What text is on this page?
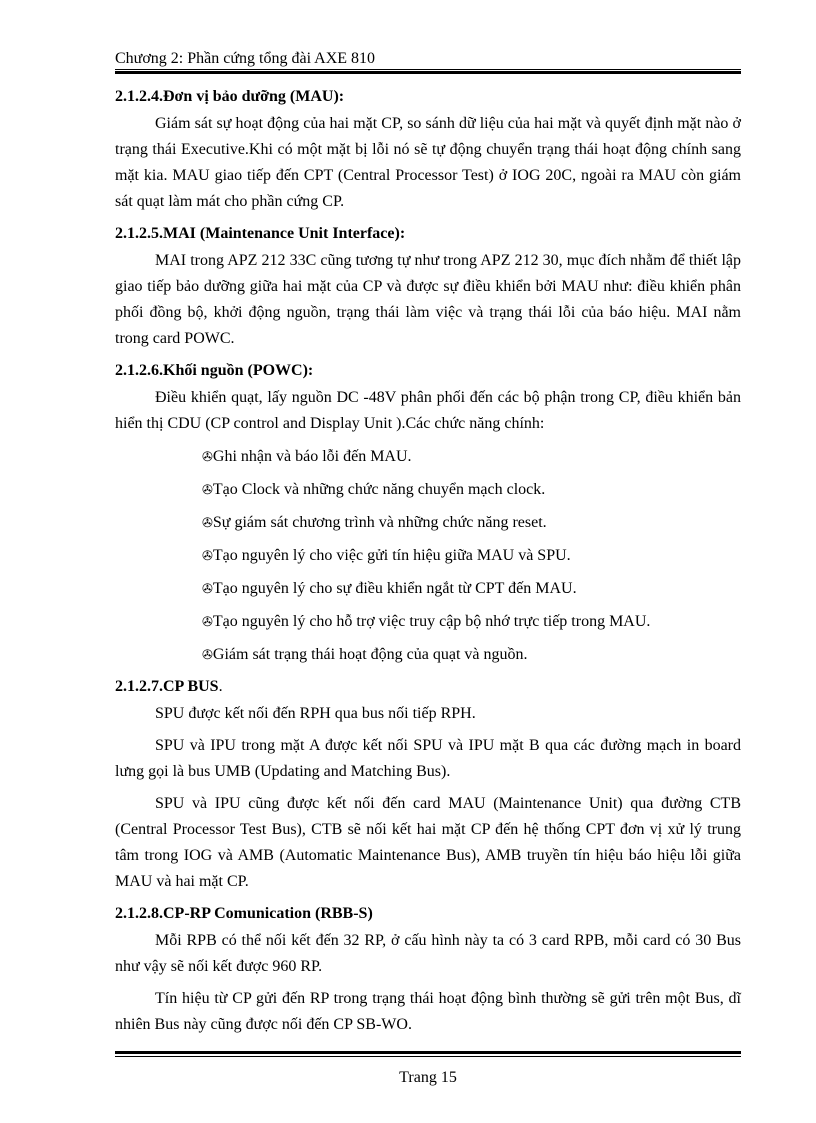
Chương 2: Phần cứng tổng đài AXE 810
2.1.2.4.Đơn vị bảo dưỡng (MAU):
Giám sát sự hoạt động của hai mặt CP, so sánh dữ liệu của hai mặt và quyết định mặt nào ở trạng thái Executive.Khi có một mặt bị lỗi nó sẽ tự động chuyển trạng thái hoạt động chính sang mặt kia. MAU giao tiếp đến CPT (Central Processor Test) ở IOG 20C, ngoài ra MAU còn giám sát quạt làm mát cho phần cứng CP.
2.1.2.5.MAI (Maintenance Unit Interface):
MAI trong APZ 212 33C cũng tương tự như trong APZ 212 30, mục đích nhằm để thiết lập giao tiếp bảo dưỡng giữa hai mặt của CP và được sự điều khiển bởi MAU như: điều khiển phân phối đồng bộ, khởi động nguồn, trạng thái làm việc và trạng thái lỗi của báo hiệu. MAI nằm trong card POWC.
2.1.2.6.Khối nguồn (POWC):
Điều khiển quạt, lấy nguồn DC -48V phân phối đến các bộ phận trong CP, điều khiển bản hiển thị CDU (CP control and Display Unit ).Các chức năng chính:
✇Ghi nhận và báo lỗi đến MAU.
✇Tạo Clock và những chức năng chuyển mạch clock.
✇Sự giám sát chương trình và những chức năng reset.
✇Tạo nguyên lý cho việc gửi tín hiệu giữa MAU và SPU.
✇Tạo nguyên lý cho sự điều khiển ngắt từ CPT đến MAU.
✇Tạo nguyên lý cho hỗ trợ việc truy cập bộ nhớ trực tiếp trong MAU.
✇Giám sát trạng thái hoạt động của quạt và nguồn.
2.1.2.7.CP BUS.
SPU được kết nối đến RPH qua bus nối tiếp RPH.
SPU và IPU trong mặt A được kết nối SPU và IPU mặt B qua các đường mạch in board lưng gọi là bus UMB (Updating and Matching Bus).
SPU và IPU cũng được kết nối đến card MAU (Maintenance Unit) qua đường CTB (Central Processor Test Bus), CTB sẽ nối kết hai mặt CP đến hệ thống CPT đơn vị xử lý trung tâm trong IOG và AMB (Automatic Maintenance Bus), AMB truyền tín hiệu báo hiệu lỗi giữa MAU và hai mặt CP.
2.1.2.8.CP-RP Comunication (RBB-S)
Mỗi RPB có thể nối kết đến 32 RP, ở cấu hình này ta có 3 card RPB, mỗi card có 30 Bus như vậy sẽ nối kết được 960 RP.
Tín hiệu từ CP gửi đến RP trong trạng thái hoạt động bình thường sẽ gửi trên một Bus, dĩ nhiên Bus này cũng được nối đến CP SB-WO.
Trang 15
